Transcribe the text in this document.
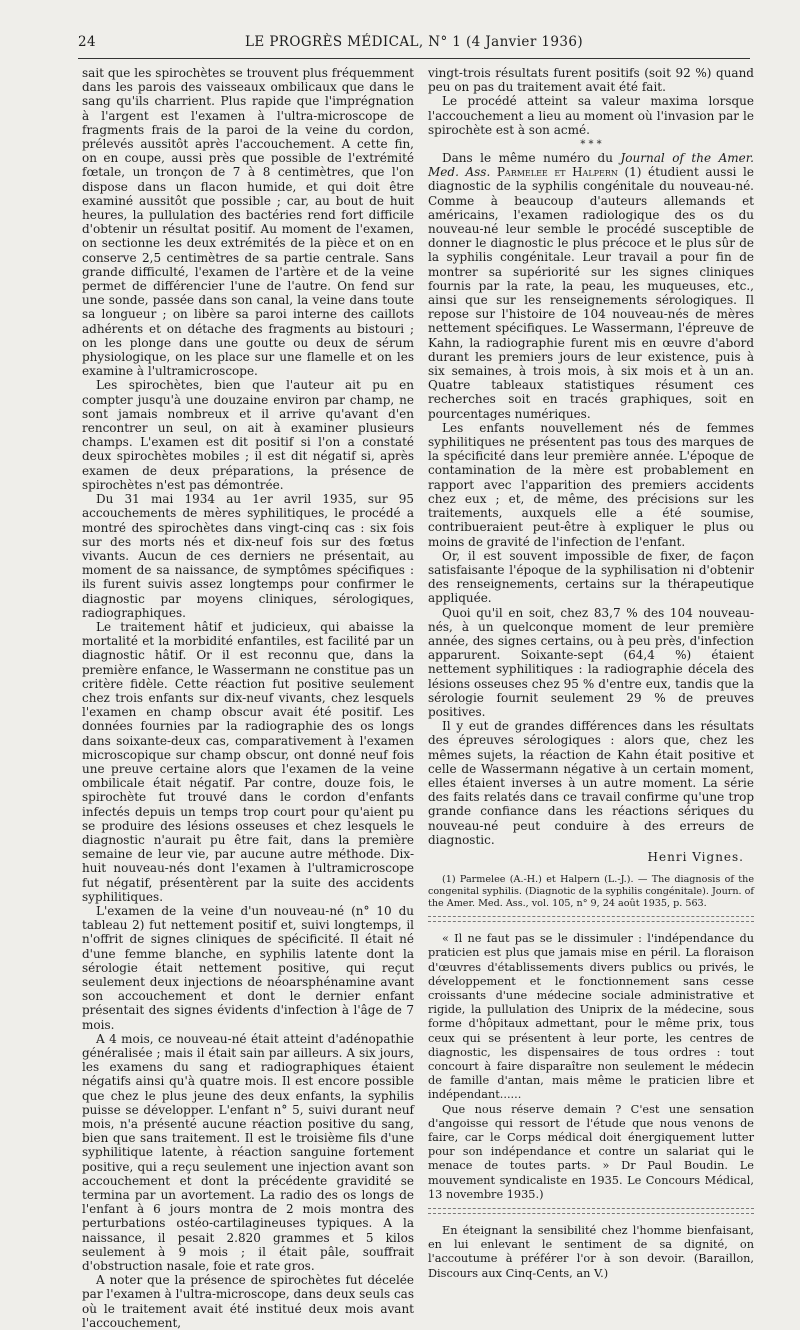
24	LE PROGRÈS MÉDICAL, N° 1 (4 Janvier 1936)

sait que les spirochètes se trouvent plus fréquemment dans les parois des vaisseaux ombilicaux que dans le sang qu'ils charrient. Plus rapide que l'imprégnation à l'argent est l'examen à l'ultra-microscope de fragments frais de la paroi de la veine du cordon, prélevés aussitôt après l'accouchement. A cette fin, on en coupe, aussi près que possible de l'extrémité fœtale, un tronçon de 7 à 8 centimètres, que l'on dispose dans un flacon humide, et qui doit être examiné aussitôt que possible ; car, au bout de huit heures, la pullulation des bactéries rend fort difficile d'obtenir un résultat positif. Au moment de l'examen, on sectionne les deux extrémités de la pièce et on en conserve 2,5 centimètres de sa partie centrale. Sans grande difficulté, l'examen de l'artère et de la veine permet de différencier l'une de l'autre. On fend sur une sonde, passée dans son canal, la veine dans toute sa longueur ; on libère sa paroi interne des caillots adhérents et on détache des fragments au bistouri ; on les plonge dans une goutte ou deux de sérum physiologique, on les place sur une flamelle et on les examine à l'ultramicroscope.

Les spirochètes, bien que l'auteur ait pu en compter jusqu'à une douzaine environ par champ, ne sont jamais nombreux et il arrive qu'avant d'en rencontrer un seul, on ait à examiner plusieurs champs. L'examen est dit positif si l'on a constaté deux spirochètes mobiles ; il est dit négatif si, après examen de deux préparations, la présence de spirochètes n'est pas démontrée.

Du 31 mai 1934 au 1er avril 1935, sur 95 accouchements de mères syphilitiques, le procédé a montré des spirochètes dans vingt-cinq cas : six fois sur des morts nés et dix-neuf fois sur des fœtus vivants. Aucun de ces derniers ne présentait, au moment de sa naissance, de symptômes spécifiques : ils furent suivis assez longtemps pour confirmer le diagnostic par moyens cliniques, sérologiques, radiographiques.

Le traitement hâtif et judicieux, qui abaisse la mortalité et la morbidité enfantiles, est facilité par un diagnostic hâtif. Or il est reconnu que, dans la première enfance, le Wassermann ne constitue pas un critère fidèle. Cette réaction fut positive seulement chez trois enfants sur dix-neuf vivants, chez lesquels l'examen en champ obscur avait été positif. Les données fournies par la radiographie des os longs dans soixante-deux cas, comparativement à l'examen microscopique sur champ obscur, ont donné neuf fois une preuve certaine alors que l'examen de la veine ombilicale était négatif. Par contre, douze fois, le spirochète fut trouvé dans le cordon d'enfants infectés depuis un temps trop court pour qu'aient pu se produire des lésions osseuses et chez lesquels le diagnostic n'aurait pu être fait, dans la première semaine de leur vie, par aucune autre méthode. Dix-huit nouveau-nés dont l'examen à l'ultramicroscope fut négatif, présentèrent par la suite des accidents syphilitiques.

L'examen de la veine d'un nouveau-né (n° 10 du tableau 2) fut nettement positif et, suivi longtemps, il n'offrit de signes cliniques de spécificité. Il était né d'une femme blanche, en syphilis latente dont la sérologie était nettement positive, qui reçut seulement deux injections de néoarsphénamine avant son accouchement et dont le dernier enfant présentait des signes évidents d'infection à l'âge de 7 mois.

A 4 mois, ce nouveau-né était atteint d'adénopathie généralisée ; mais il était sain par ailleurs. A six jours, les examens du sang et radiographiques étaient négatifs ainsi qu'à quatre mois. Il est encore possible que chez le plus jeune des deux enfants, la syphilis puisse se développer. L'enfant n° 5, suivi durant neuf mois, n'a présenté aucune réaction positive du sang, bien que sans traitement. Il est le troisième fils d'une syphilitique latente, à réaction sanguine fortement positive, qui a reçu seulement une injection avant son accouchement et dont la précédente gravidité se termina par un avortement. La radio des os longs de l'enfant à 6 jours montra de 2 mois montra des perturbations ostéo-cartilagineuses typiques. A la naissance, il pesait 2.820 grammes et 5 kilos seulement à 9 mois ; il était pâle, souffrait d'obstruction nasale, foie et rate gros.

A noter que la présence de spirochètes fut décelée par l'examen à l'ultra-microscope, dans deux seuls cas où le traitement avait été institué deux mois avant l'accouchement,

vingt-trois résultats furent positifs (soit 92 %) quand peu on pas du traitement avait été fait.

Le procédé atteint sa valeur maxima lorsque l'accouchement a lieu au moment où l'invasion par le spirochète est à son acmé.

* * *

Dans le même numéro du Journal of the Amer. Med. Ass. Parmelee et Halpern (1) étudient aussi le diagnostic de la syphilis congénitale du nouveau-né. Comme à beaucoup d'auteurs allemands et américains, l'examen radiologique des os du nouveau-né leur semble le procédé susceptible de donner le diagnostic le plus précoce et le plus sûr de la syphilis congénitale. Leur travail a pour fin de montrer sa supériorité sur les signes cliniques fournis par la rate, la peau, les muqueuses, etc., ainsi que sur les renseignements sérologiques. Il repose sur l'histoire de 104 nouveau-nés de mères nettement spécifiques. Le Wassermann, l'épreuve de Kahn, la radiographie furent mis en œuvre d'abord durant les premiers jours de leur existence, puis à six semaines, à trois mois, à six mois et à un an. Quatre tableaux statistiques résument ces recherches soit en tracés graphiques, soit en pourcentages numériques.

Les enfants nouvellement nés de femmes syphilitiques ne présentent pas tous des marques de la spécificité dans leur première année. L'époque de contamination de la mère est probablement en rapport avec l'apparition des premiers accidents chez eux ; et, de même, des précisions sur les traitements, auxquels elle a été soumise, contribueraient peut-être à expliquer le plus ou moins de gravité de l'infection de l'enfant.

Or, il est souvent impossible de fixer, de façon satisfaisante l'époque de la syphilisation ni d'obtenir des renseignements, certains sur la thérapeutique appliquée.

Quoi qu'il en soit, chez 83,7 % des 104 nouveau-nés, à un quelconque moment de leur première année, des signes certains, ou à peu près, d'infection apparurent. Soixante-sept (64,4 %) étaient nettement syphilitiques : la radiographie décela des lésions osseuses chez 95 % d'entre eux, tandis que la sérologie fournit seulement 29 % de preuves positives.

Il y eut de grandes différences dans les résultats des épreuves sérologiques : alors que, chez les mêmes sujets, la réaction de Kahn était positive et celle de Wassermann négative à un certain moment, elles étaient inverses à un autre moment. La série des faits relatés dans ce travail confirme qu'une trop grande confiance dans les réactions sériques du nouveau-né peut conduire à des erreurs de diagnostic.

Henri Vignes.

(1) Parmelee (A.-H.) et Halpern (L.-J.). — The diagnosis of the congenital syphilis. (Diagnotic de la syphilis congénitale). Journ. of the Amer. Med. Ass., vol. 105, n° 9, 24 août 1935, p. 563.

« Il ne faut pas se le dissimuler : l'indépendance du praticien est plus que jamais mise en péril. La floraison d'œuvres d'établissements divers publics ou privés, le développement et le fonctionnement sans cesse croissants d'une médecine sociale administrative et rigide, la pullulation des Uniprix de la médecine, sous forme d'hôpitaux admettant, pour le même prix, tous ceux qui se présentent à leur porte, les centres de diagnostic, les dispensaires de tous ordres : tout concourt à faire disparaître non seulement le médecin de famille d'antan, mais même le praticien libre et indépendant......

Que nous réserve demain ? C'est une sensation d'angoisse qui ressort de l'étude que nous venons de faire, car le Corps médical doit énergiquement lutter pour son indépendance et contre un salariat qui le menace de toutes parts. » Dr Paul Boudin. Le mouvement syndicaliste en 1935. Le Concours Médical, 13 novembre 1935.)

En éteignant la sensibilité chez l'homme bienfaisant, en lui enlevant le sentiment de sa dignité, on l'accoutume à préférer l'or à son devoir. (Baraillon, Discours aux Cinq-Cents, an V.)
